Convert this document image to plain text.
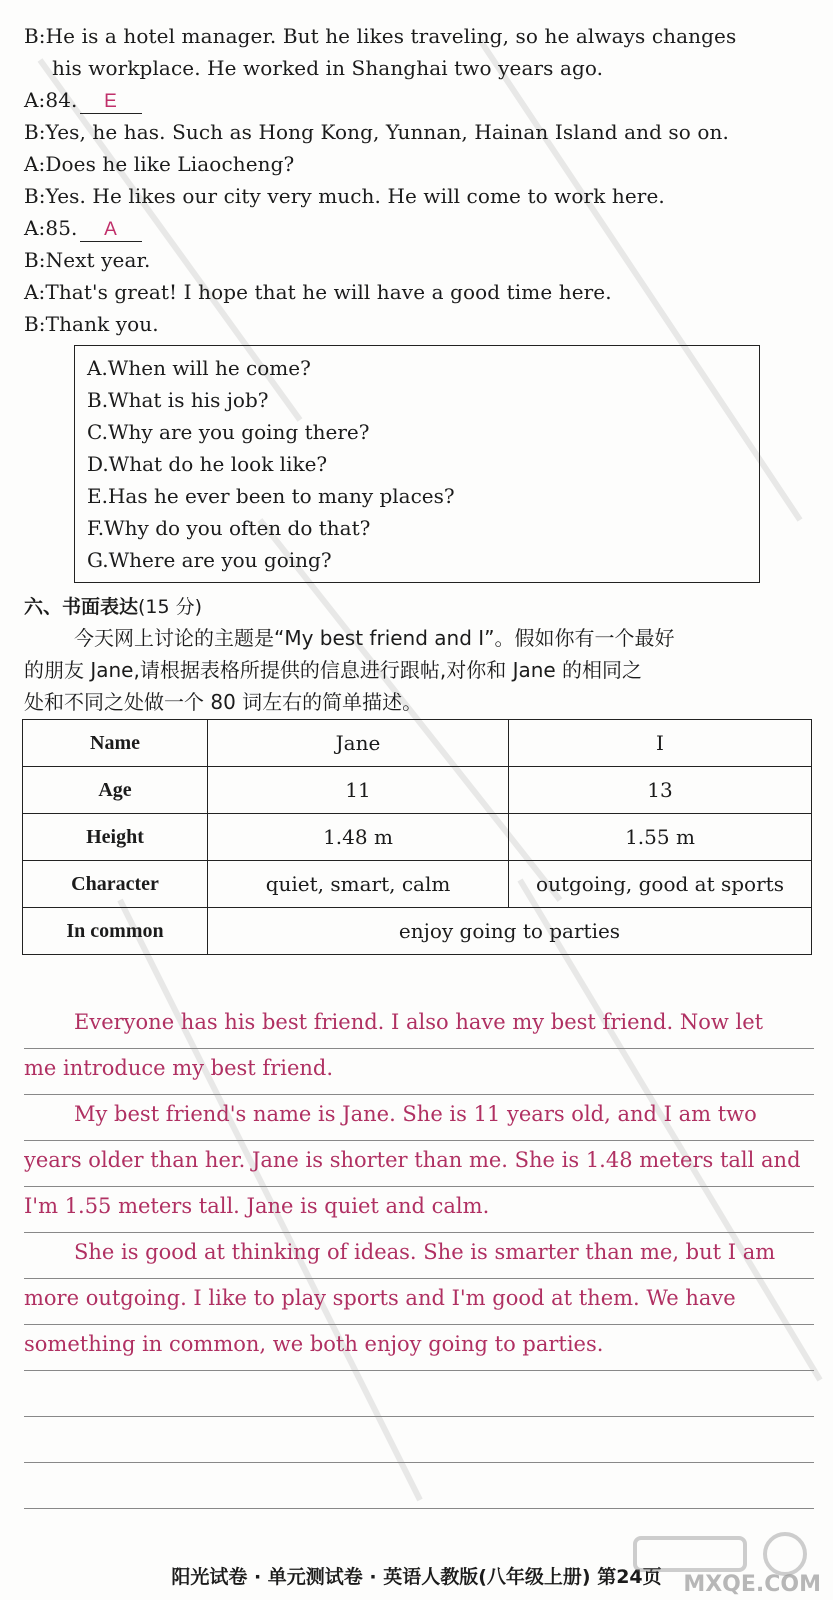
B:He is a hotel manager. But he likes traveling, so he always changes
his workplace. He worked in Shanghai two years ago.
A:84. E
B:Yes, he has. Such as Hong Kong, Yunnan, Hainan Island and so on.
A:Does he like Liaocheng?
B:Yes. He likes our city very much. He will come to work here.
A:85. A
B:Next year.
A:That's great! I hope that he will have a good time here.
B:Thank you.
A.When will he come?
B.What is his job?
C.Why are you going there?
D.What do he look like?
E.Has he ever been to many places?
F.Why do you often do that?
G.Where are you going?
六、书面表达(15 分)

今天网上讨论的主题是“My best friend and I”。假如你有一个最好

的朋友 Jane,请根据表格所提供的信息进行跟帖,对你和 Jane 的相同之
处和不同之处做一个 80 词左右的简单描述。
Name	Jane	I
Age	11	13
Height	1.48 m	1.55 m
Character	quiet, smart, calm	outgoing, good at sports
In common	enjoy going to parties	
Everyone has his best friend. I also have my best friend. Now let
me introduce my best friend.
My best friend's name is Jane. She is 11 years old, and I am two
years older than her. Jane is shorter than me. She is 1.48 meters tall and
I'm 1.55 meters tall. Jane is quiet and calm.
She is good at thinking of ideas. She is smarter than me, but I am
more outgoing. I like to play sports and I'm good at them. We have
something in common, we both enjoy going to parties.
阳光试卷 · 单元测试卷 · 英语人教版(八年级上册) 第24页 MXQE.COM
